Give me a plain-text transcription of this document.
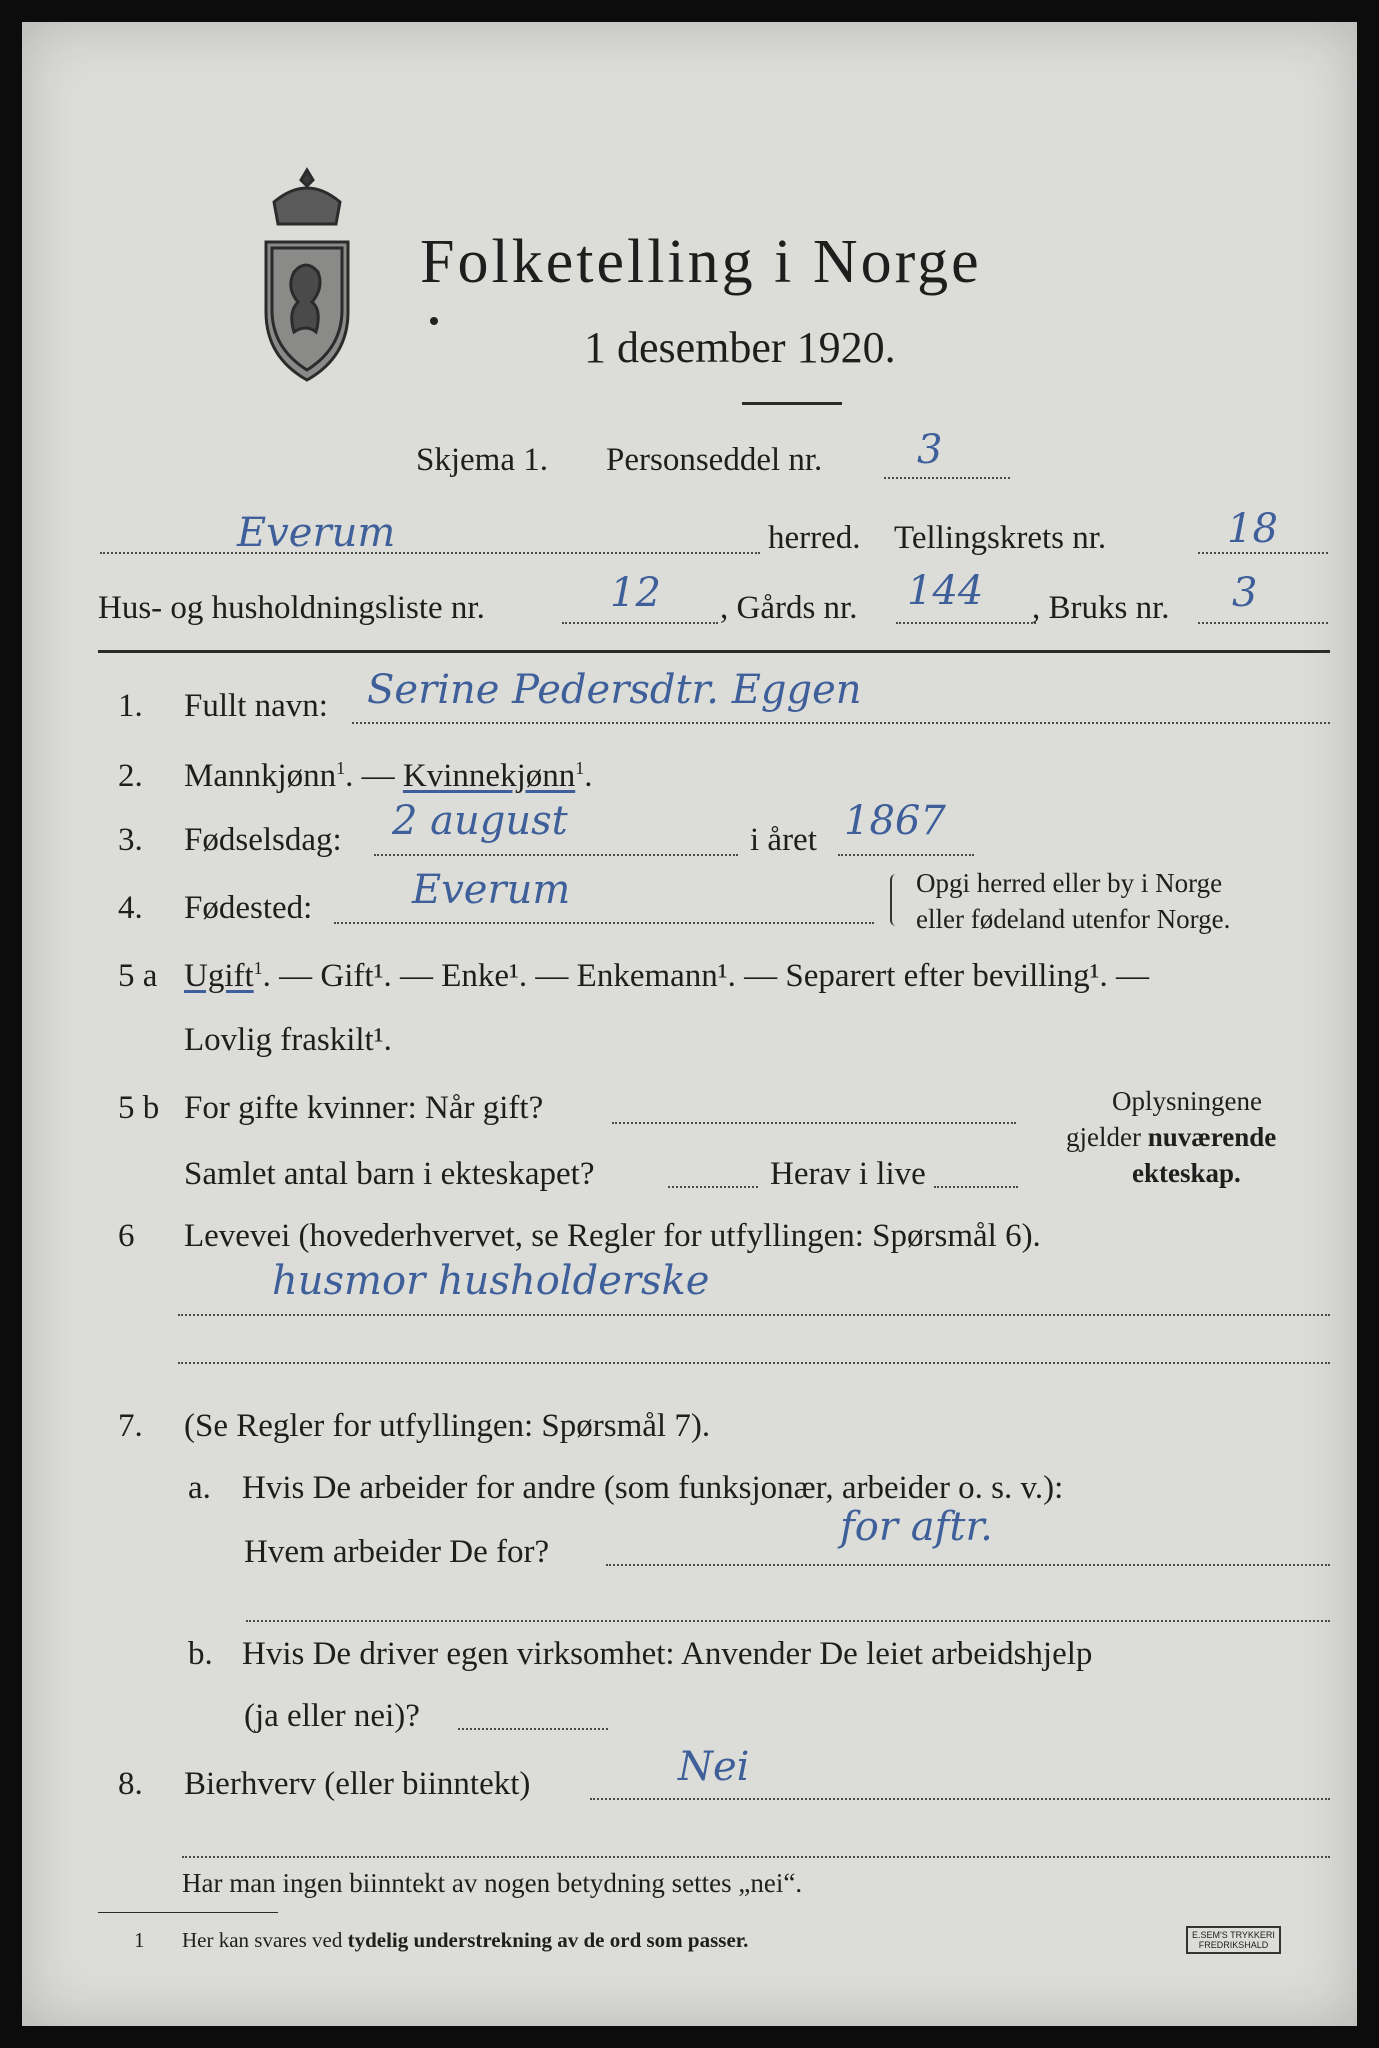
Folketelling i Norge
1 desember 1920.
Skjema 1. Personseddel nr. 3
Everum	herred. Tellingskrets nr.	18
Hus- og husholdningsliste nr.	12 , Gårds nr. 144 , Bruks nr. 3
1. Fullt navn: Serine Pedersdtr. Eggen
2. Mannkjønn$^1$. — Kvinnekjønn$^1$.
3. Fødselsdag: 2 august	i året 1867
4. Fødested: Everum	Opgi herred eller by i Norge
eller fødeland utenfor Norge.
5 a Ugift$^1$. — Gift¹. — Enke¹. — Enkemann¹. — Separert efter bevilling¹. —
Lovlig fraskilt¹.
5 b For gifte kvinner: Når gift?
Samlet antal barn i ekteskapet?	Herav i live
Oplysningene
gjelder nuværende
ekteskap.
6 Levevei (hovederhvervet, se Regler for utfyllingen: Spørsmål 6).
husmor husholderske
7. (Se Regler for utfyllingen: Spørsmål 7).
a. Hvis De arbeider for andre (som funksjonær, arbeider o. s. v.):
Hvem arbeider De for?
for aftr.
b. Hvis De driver egen virksomhet: Anvender De leiet arbeidshjelp
(ja eller nei)?
8. Bierhverv (eller biinntekt)	Nei
Har man ingen biinntekt av nogen betydning settes „nei“.
1 Her kan svares ved tydelig understrekning av de ord som passer.	E.SEM'S TRYKKERI
FREDRIKSHALD
